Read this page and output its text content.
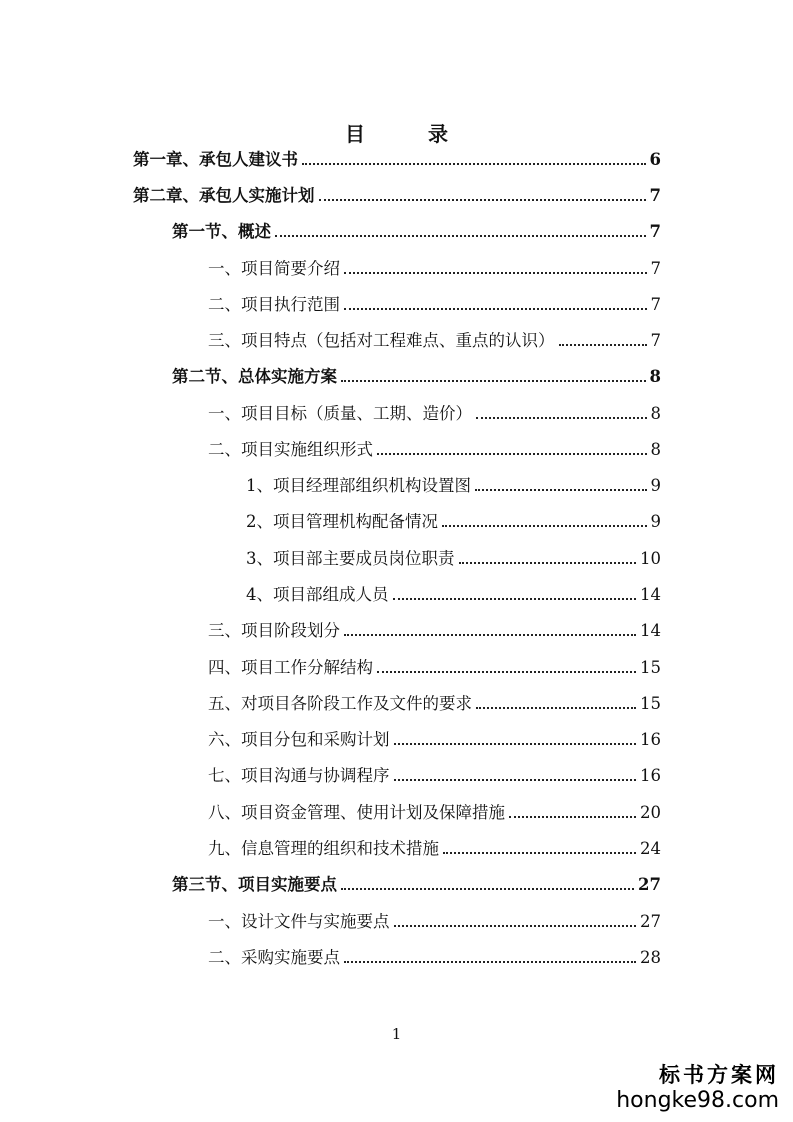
目 录
第一章、承包人建议书	6
第二章、承包人实施计划	7
第一节、概述	7
一、项目简要介绍	7
二、项目执行范围	7
三、项目特点（包括对工程难点、重点的认识）	7
第二节、总体实施方案	8
一、项目目标（质量、工期、造价）	8
二、项目实施组织形式	8
1、项目经理部组织机构设置图	9
2、项目管理机构配备情况	9
3、项目部主要成员岗位职责	10
4、项目部组成人员	14
三、项目阶段划分	14
四、项目工作分解结构	15
五、对项目各阶段工作及文件的要求	15
六、项目分包和采购计划	16
七、项目沟通与协调程序	16
八、项目资金管理、使用计划及保障措施	20
九、信息管理的组织和技术措施	24
第三节、项目实施要点	27
一、设计文件与实施要点	27
二、采购实施要点	28
1
标书方案网
hongke98.com
